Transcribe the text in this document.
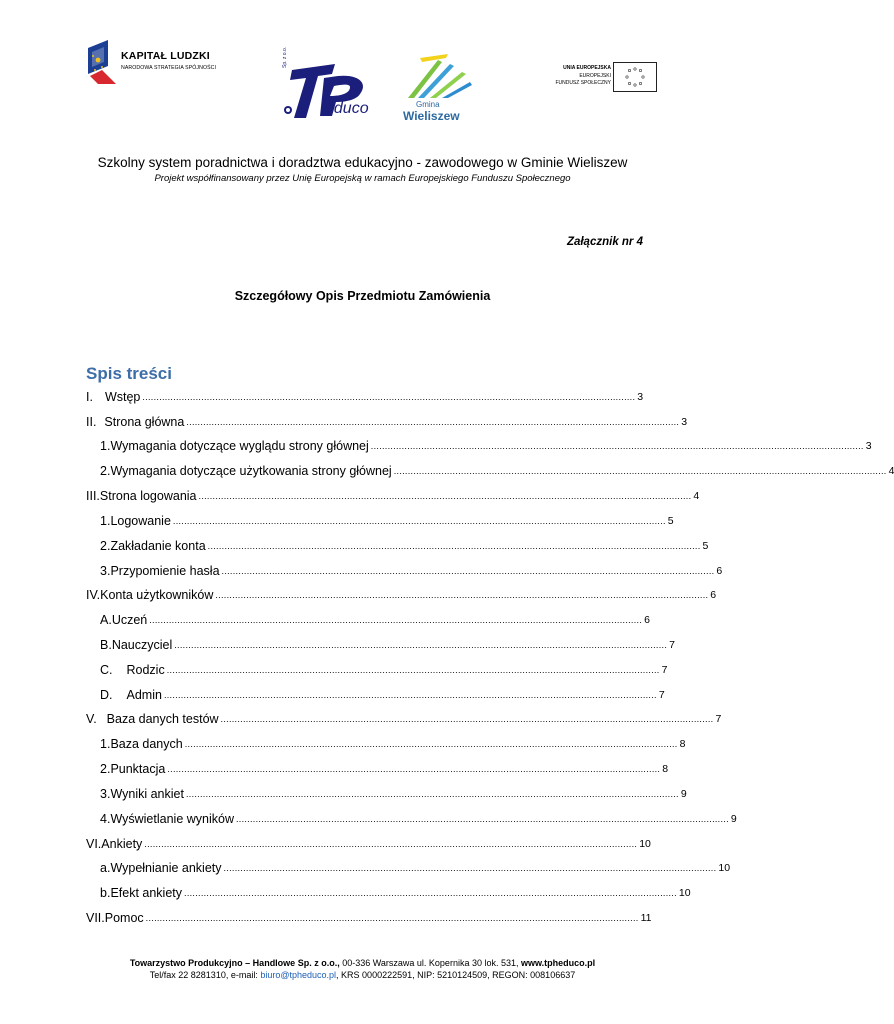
KAPITAŁ LUDZKI
NARODOWA STRATEGIA SPÓJNOŚCI	Sp. z o.o.
educo	Gmina
Wieliszew
UNIA EUROPEJSKA
EUROPEJSKI
FUNDUSZ SPOŁECZNY
Szkolny system poradnictwa i doradztwa edukacyjno - zawodowego w Gminie Wieliszew
Projekt współfinansowany przez Unię Europejską w ramach Europejskiego Funduszu Społecznego
Załącznik nr 4
Szczegółowy Opis Przedmiotu Zamówienia
Spis treści
I. Wstęp ................................................................................................................................................................................ 3
II. Strona główna ................................................................................................................................................................................ 3
1. Wymagania dotyczące wyglądu strony głównej ................................................................................................................................................................................ 3
2. Wymagania dotyczące użytkowania strony głównej ................................................................................................................................................................................ 4
III. Strona logowania ................................................................................................................................................................................ 4
1. Logowanie ................................................................................................................................................................................ 5
2. Zakładanie konta ................................................................................................................................................................................ 5
3. Przypomienie hasła ................................................................................................................................................................................ 6
IV. Konta użytkowników ................................................................................................................................................................................ 6
A. Uczeń ................................................................................................................................................................................ 6
B. Nauczyciel ................................................................................................................................................................................ 7
C. Rodzic ................................................................................................................................................................................ 7
D. Admin ................................................................................................................................................................................ 7
V. Baza danych testów ................................................................................................................................................................................ 7
1. Baza danych ................................................................................................................................................................................ 8
2. Punktacja ................................................................................................................................................................................ 8
3. Wyniki ankiet ................................................................................................................................................................................ 9
4. Wyświetlanie wyników ................................................................................................................................................................................ 9
VI. Ankiety ................................................................................................................................................................................ 10
a. Wypełnianie ankiety ................................................................................................................................................................................ 10
b. Efekt ankiety ................................................................................................................................................................................ 10
VII. Pomoc ................................................................................................................................................................................ 11
Towarzystwo Produkcyjno – Handlowe Sp. z o.o., 00-336 Warszawa ul. Kopernika 30 lok. 531, www.tpheduco.pl
Tel/fax 22 8281310, e-mail: biuro@tpheduco.pl, KRS 0000222591, NIP: 5210124509, REGON: 008106637
